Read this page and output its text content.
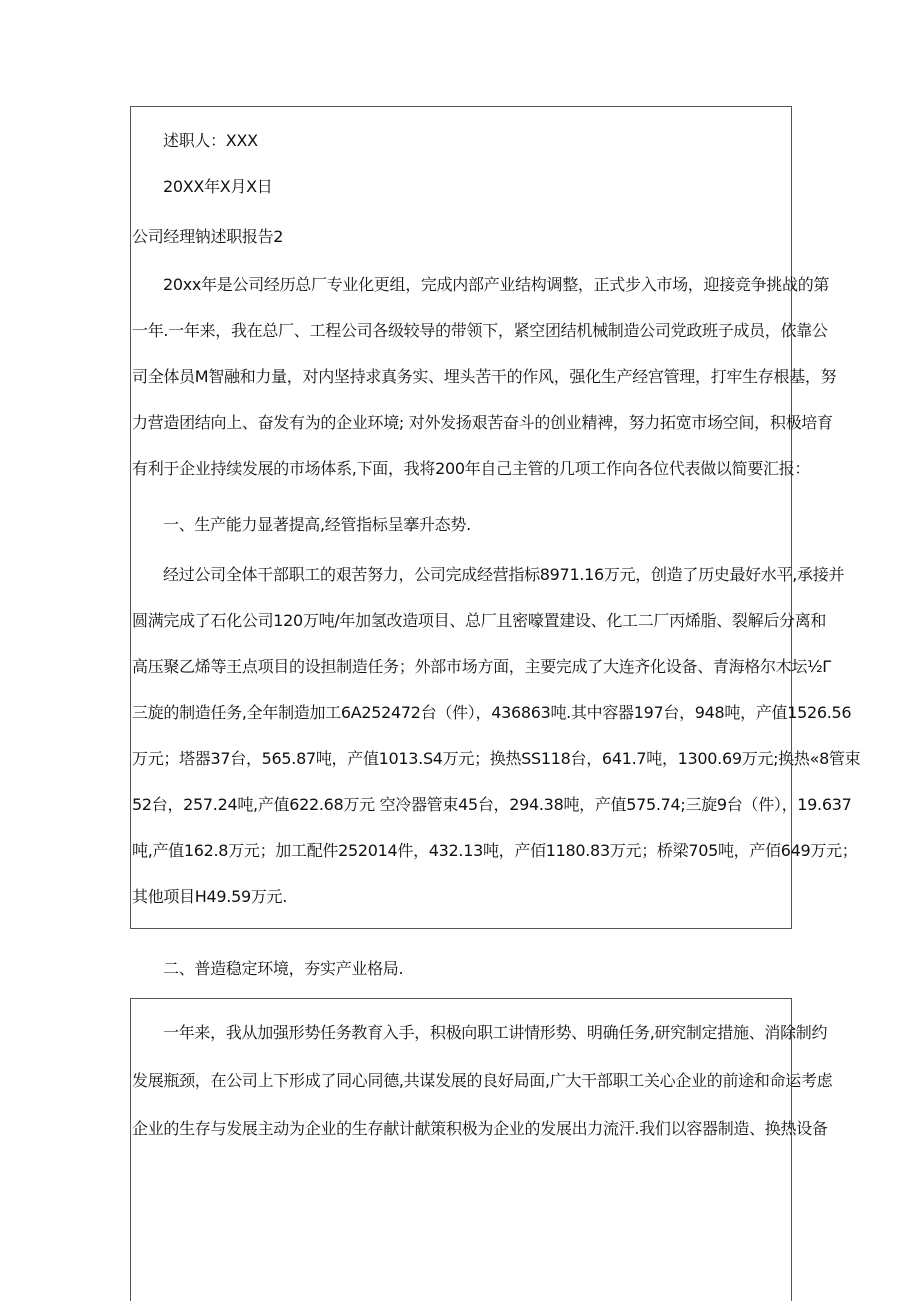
述职人：XXX
20XX年X月X日
公司经理钠述职报告2
20xx年是公司经历总厂专业化更组，完成内部产业结构调整，正式步入市场，迎接竞争挑战的第
一年.一年来，我在总厂、工程公司各级较导的带领下，紧空团结机械制造公司党政班子成员，依靠公
司全体员M智融和力量，对内坚持求真务实、埋头苦干的作风，强化生产经宫管理，打牢生存根基，努
力营造团结向上、奋发有为的企业环境; 对外发扬艰苦奋斗的创业精裨，努力拓宽市场空间，积极培育
有利于企业持续发展的市场体系,下面，我将200年自己主管的几项工作向各位代表做以简要汇报：
一、生产能力显著提高,经管指标呈搴升态势.
经过公司全体干部职工的艰苦努力，公司完成经营指标8971.16万元，创造了历史最好水平,承接并
圆满完成了石化公司120万吨/年加氢改造项目、总厂且密嚎置建设、化工二厂丙烯脂、裂解后分离和
高压聚乙烯等王点项目的设担制造任务；外部市场方面，主要完成了大连齐化设备、青海格尔木坛½Γ
三旋的制造任务,全年制造加工6A252472台（件），436863吨.其中容器197台，948吨，产值1526.56
万元；塔器37台，565.87吨，产值1013.S4万元；换热SS118台，641.7吨，1300.69万元;换热«8管束
52台，257.24吨,产值622.68万元 空冷器管束45台，294.38吨，产值575.74;三旋9台（件），19.637
吨,产值162.8万元；加工配件252014件，432.13吨，产佰1180.83万元；桥梁705吨，产佰649万元；
其他项目H49.59万元.
二、普造稳定环境，夯实产业格局.
一年来，我从加强形势任务教育入手，积极向职工讲情形势、明确任务,研究制定措施、消除制约
发展瓶颈，在公司上下形成了同心同德,共谋发展的良好局面,广大干部职工关心企业的前途和命运考虑
企业的生存与发展主动为企业的生存献计献策积极为企业的发展出力流汗.我们以容器制造、换热设备
